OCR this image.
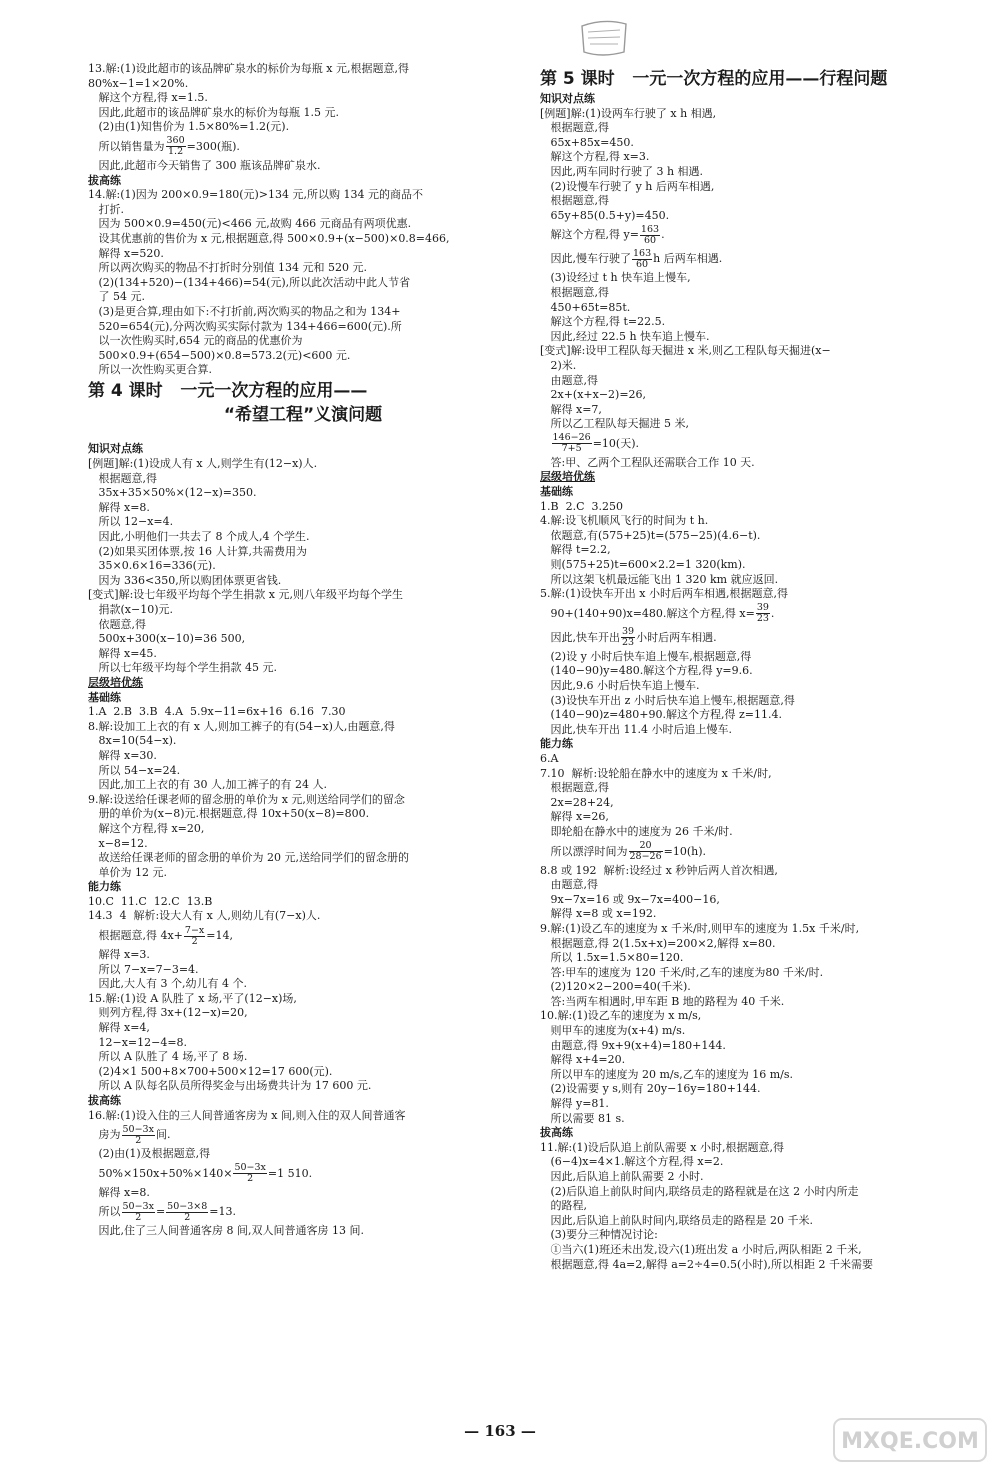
13.解:(1)设此超市的该品牌矿泉水的标价为每瓶 x 元,根据题意,得
80%x−1=1×20%.
解这个方程,得 x=1.5.
因此,此超市的该品牌矿泉水的标价为每瓶 1.5 元.
(2)由(1)知售价为 1.5×80%=1.2(元).
所以销售量为 $\frac{360}{1.2} =300$(瓶).
因此,此超市今天销售了 300 瓶该品牌矿泉水.
拔高练
14.解:(1)因为 200×0.9=180(元)>134 元,所以购 134 元的商品不
打折.
因为 500×0.9=450(元)<466 元,故购 466 元商品有两项优惠.
设其优惠前的售价为 x 元,根据题意,得 500×0.9+(x−500)×0.8=466,
解得 x=520.
所以两次购买的物品不打折时分别值 134 元和 520 元.
(2)(134+520)−(134+466)=54(元),所以此次活动中此人节省
了 54 元.
(3)是更合算,理由如下:不打折前,两次购买的物品之和为 134+
520=654(元),分两次购买实际付款为 134+466=600(元).所
以一次性购买时,654 元的商品的优惠价为
500×0.9+(654−500)×0.8=573.2(元)<600 元.
所以一次性购买更合算.
第 4 课时   一元一次方程的应用——
“希望工程”义演问题
知识对点练
[例题]解:(1)设成人有 x 人,则学生有(12−x)人.
根据题意,得
35x+35×50%×(12−x)=350.
解得 x=8.
所以 12−x=4.
因此,小明他们一共去了 8 个成人,4 个学生.
(2)如果买团体票,按 16 人计算,共需费用为
35×0.6×16=336(元).
因为 336<350,所以购团体票更省钱.
[变式]解:设七年级平均每个学生捐款 x 元,则八年级平均每个学生
捐款(x−10)元.
依题意,得
500x+300(x−10)=36 500,
解得 x=45.
所以七年级平均每个学生捐款 45 元.
层级培优练
基础练
1.A  2.B  3.B  4.A  5.9x−11=6x+16  6.16  7.30
8.解:设加工上衣的有 x 人,则加工裤子的有(54−x)人,由题意,得
8x=10(54−x).
解得 x=30.
所以 54−x=24.
因此,加工上衣的有 30 人,加工裤子的有 24 人.
9.解:设送给任课老师的留念册的单价为 x 元,则送给同学们的留念
册的单价为(x−8)元.根据题意,得 10x+50(x−8)=800.
解这个方程,得 x=20,
x−8=12.
故送给任课老师的留念册的单价为 20 元,送给同学们的留念册的
单价为 12 元.
能力练
10.C  11.C  12.C  13.B
14.3  4  解析:设大人有 x 人,则幼儿有(7−x)人.
根据题意,得 $4x+ \frac{7-x}{2} =14$,
解得 x=3.
所以 7−x=7−3=4.
因此,大人有 3 个,幼儿有 4 个.
15.解:(1)设 A 队胜了 x 场,平了(12−x)场,
则列方程,得 3x+(12−x)=20,
解得 x=4,
12−x=12−4=8.
所以 A 队胜了 4 场,平了 8 场.
(2)4×1 500+8×700+500×12=17 600(元).
所以 A 队每名队员所得奖金与出场费共计为 17 600 元.
拔高练
16.解:(1)设入住的三人间普通客房为 x 间,则入住的双人间普通客
房为 $\frac{50-3x}{2}$ 间.
(2)由(1)及根据题意,得
$50\%\times 150x+50\%\times 140\times \frac{50-3x}{2} =1$ 510.
解得 x=8.
所以 $\frac{50-3x}{2} = \frac{50-3\times 8}{2} =13$.
因此,住了三人间普通客房 8 间,双人间普通客房 13 间.
第 5 课时   一元一次方程的应用——行程问题
知识对点练
[例题]解:(1)设两车行驶了 x h 相遇,
根据题意,得
65x+85x=450.
解这个方程,得 x=3.
因此,两车同时行驶了 3 h 相遇.
(2)设慢车行驶了 y h 后两车相遇,
根据题意,得
65y+85(0.5+y)=450.
解这个方程,得 $y= \frac{163}{60}$ .
因此,慢车行驶了 $\frac{163}{60}$ h 后两车相遇.
(3)设经过 t h 快车追上慢车,
根据题意,得
450+65t=85t.
解这个方程,得 t=22.5.
因此,经过 22.5 h 快车追上慢车.
[变式]解:设甲工程队每天掘进 x 米,则乙工程队每天掘进(x−
2)米.
由题意,得
2x+(x+x−2)=26,
解得 x=7,
所以乙工程队每天掘进 5 米,

$\frac{146-26}{7+5} =10$(天).
答:甲、乙两个工程队还需联合工作 10 天.
层级培优练
基础练
1.B  2.C  3.250
4.解:设飞机顺风飞行的时间为 t h.
依题意,有(575+25)t=(575−25)(4.6−t).
解得 t=2.2,
则(575+25)t=600×2.2=1 320(km).
所以这架飞机最远能飞出 1 320 km 就应返回.
5.解:(1)设快车开出 x 小时后两车相遇,根据题意,得
90+(140+90)x=480.解这个方程,得 $x= \frac{39}{23}$ .
因此,快车开出 $\frac{39}{23}$ 小时后两车相遇.
(2)设 y 小时后快车追上慢车,根据题意,得
(140−90)y=480.解这个方程,得 y=9.6.
因此,9.6 小时后快车追上慢车.
(3)设快车开出 z 小时后快车追上慢车,根据题意,得
(140−90)z=480+90.解这个方程,得 z=11.4.
因此,快车开出 11.4 小时后追上慢车.
能力练
6.A
7.10  解析:设轮船在静水中的速度为 x 千米/时,
根据题意,得
2x=28+24,
解得 x=26,
即轮船在静水中的速度为 26 千米/时.
所以漂浮时间为 $\frac{20}{28-26} =10(h)$.
8.8 或 192  解析:设经过 x 秒钟后两人首次相遇,
由题意,得
9x−7x=16 或 9x−7x=400−16,
解得 x=8 或 x=192.
9.解:(1)设乙车的速度为 x 千米/时,则甲车的速度为 1.5x 千米/时,
根据题意,得 2(1.5x+x)=200×2,解得 x=80.
所以 1.5x=1.5×80=120.
答:甲车的速度为 120 千米/时,乙车的速度为80 千米/时.
(2)120×2−200=40(千米).
答:当两车相遇时,甲车距 B 地的路程为 40 千米.
10.解:(1)设乙车的速度为 x m/s,
则甲车的速度为(x+4) m/s.
由题意,得 9x+9(x+4)=180+144.
解得 x+4=20.
所以甲车的速度为 20 m/s,乙车的速度为 16 m/s.
(2)设需要 y s,则有 20y−16y=180+144.
解得 y=81.
所以需要 81 s.
拔高练
11.解:(1)设后队追上前队需要 x 小时,根据题意,得
(6−4)x=4×1.解这个方程,得 x=2.
因此,后队追上前队需要 2 小时.
(2)后队追上前队时间内,联络员走的路程就是在这 2 小时内所走
的路程,
因此,后队追上前队时间内,联络员走的路程是 20 千米.
(3)要分三种情况讨论:
①当六(1)班还未出发,设六(1)班出发 a 小时后,两队相距 2 千米,
根据题意,得 4a=2,解得 a=2÷4=0.5(小时),所以相距 2 千米需要
— 163 —	MXQE.COM
